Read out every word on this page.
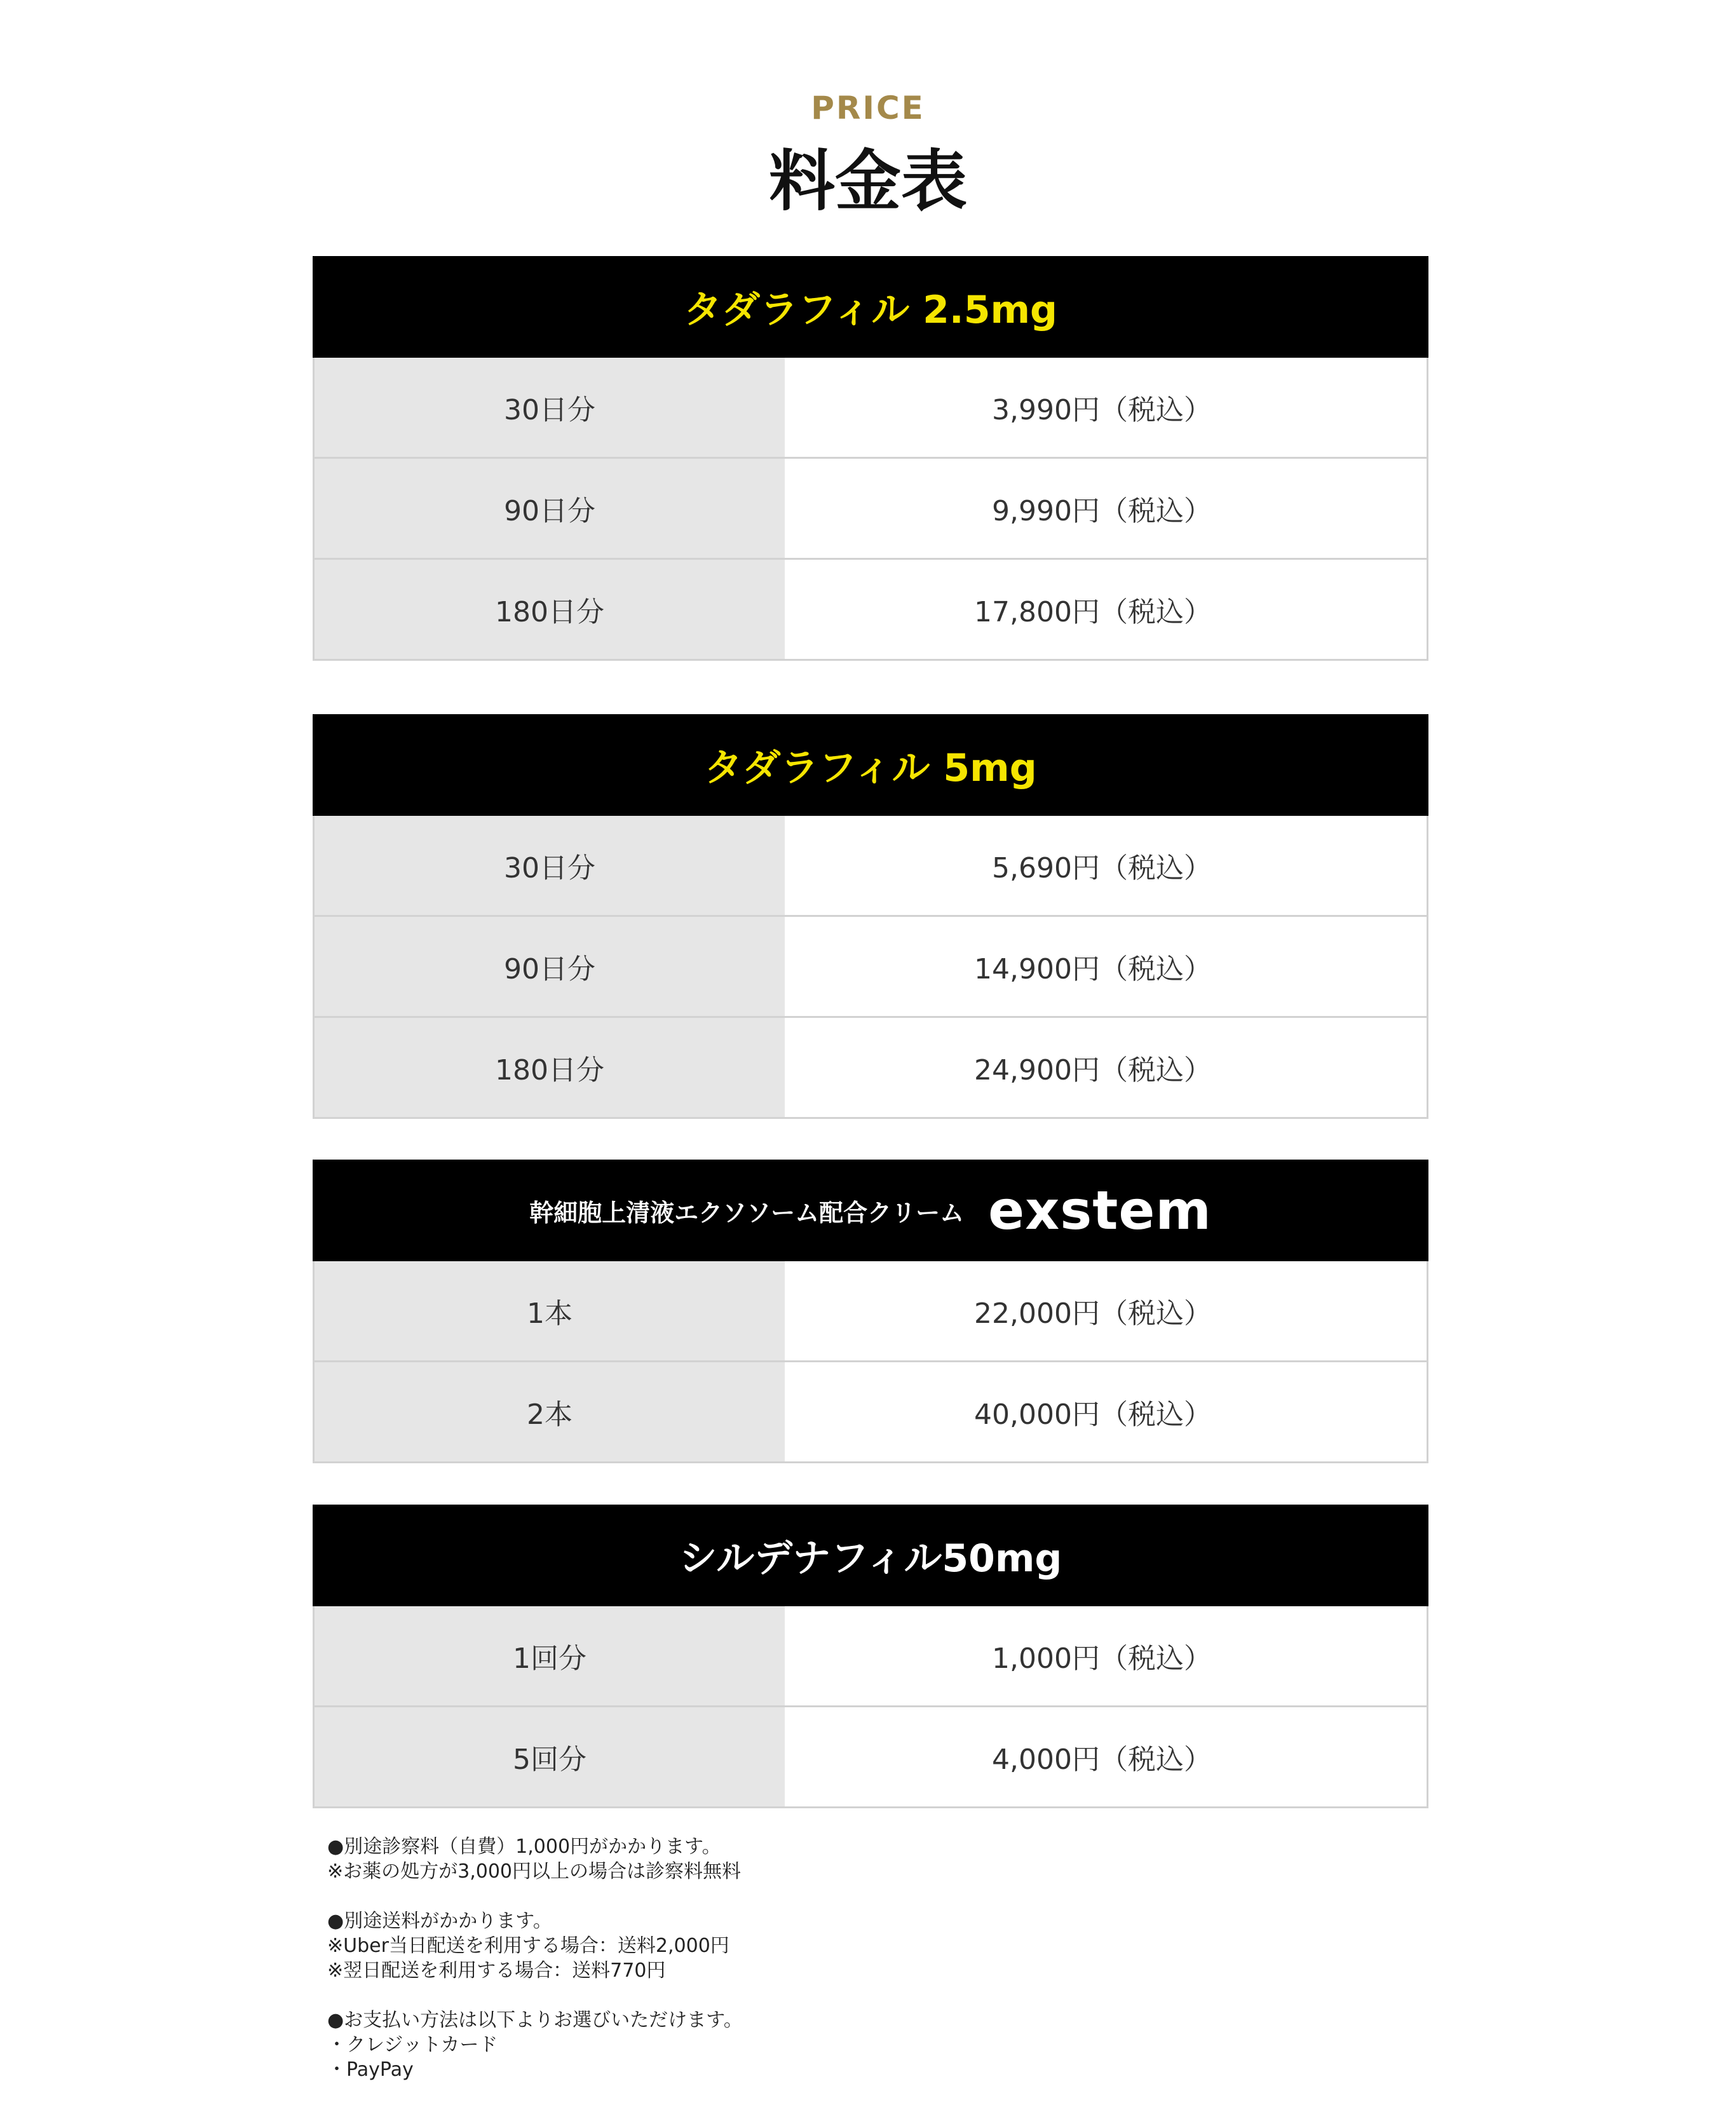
PRICE
料金表
タダラフィル 2.5mg
30日分	3,990円（税込）
90日分	9,990円（税込）
180日分	17,800円（税込）
タダラフィル 5mg
30日分	5,690円（税込）
90日分	14,900円（税込）
180日分	24,900円（税込）
幹細胞上清液エクソソーム配合クリーム exstem
1本	22,000円（税込）
2本	40,000円（税込）
シルデナフィル50mg
1回分	1,000円（税込）
5回分	4,000円（税込）
●別途診察料（自費）1,000円がかかります。
※お薬の処方が3,000円以上の場合は診察料無料
●別途送料がかかります。
※Uber当日配送を利用する場合：送料2,000円
※翌日配送を利用する場合：送料770円
●お支払い方法は以下よりお選びいただけます。
・クレジットカード
・PayPay
